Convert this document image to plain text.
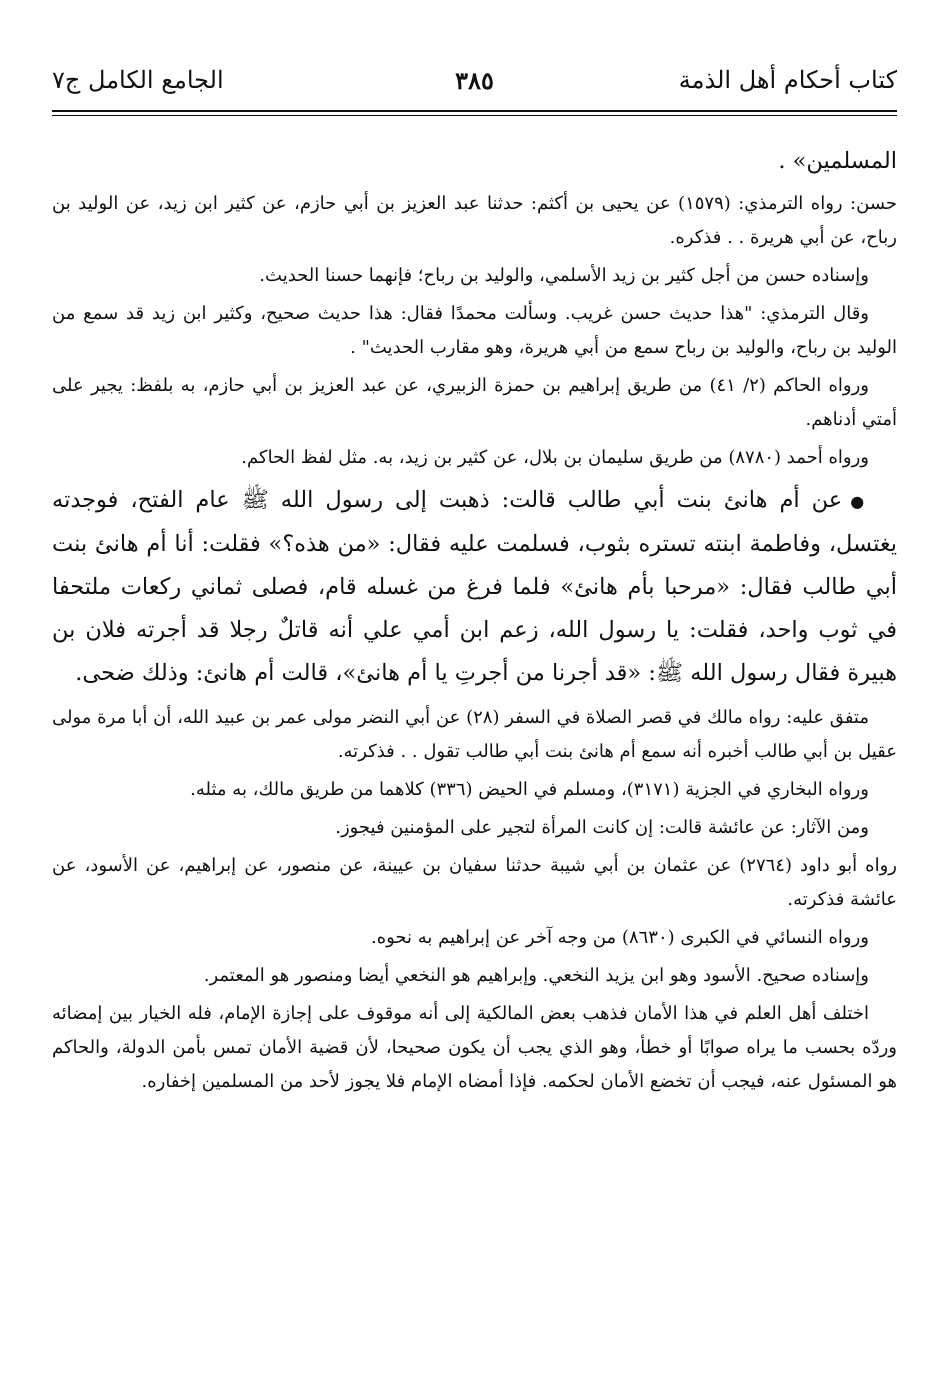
كتاب أحكام أهل الذمة
٣٨٥
الجامع الكامل ج٧

المسلمين» .

حسن: رواه الترمذي: (١٥٧٩) عن يحيى بن أكثم: حدثنا عبد العزيز بن أبي حازم، عن كثير ابن زيد، عن الوليد بن رباح، عن أبي هريرة . . فذكره.

وإسناده حسن من أجل كثير بن زيد الأسلمي، والوليد بن رباح؛ فإنهما حسنا الحديث.

وقال الترمذي: "هذا حديث حسن غريب. وسألت محمدًا فقال: هذا حديث صحيح، وكثير ابن زيد قد سمع من الوليد بن رباح، والوليد بن رباح سمع من أبي هريرة، وهو مقارب الحديث" .

ورواه الحاكم (٢/ ٤١) من طريق إبراهيم بن حمزة الزبيري، عن عبد العزيز بن أبي حازم، به بلفظ: يجير على أمتي أدناهم.

ورواه أحمد (٨٧٨٠) من طريق سليمان بن بلال، عن كثير بن زيد، به. مثل لفظ الحاكم.

●عن أم هانئ بنت أبي طالب قالت: ذهبت إلى رسول الله ﷺ عام الفتح، فوجدته يغتسل، وفاطمة ابنته تستره بثوب، فسلمت عليه فقال: «من هذه؟» فقلت: أنا أم هانئ بنت أبي طالب فقال: «مرحبا بأم هانئ» فلما فرغ من غسله قام، فصلى ثماني ركعات ملتحفا في ثوب واحد، فقلت: يا رسول الله، زعم ابن أمي علي أنه قاتلٌ رجلا قد أجرته فلان بن هبيرة فقال رسول الله ﷺ: «قد أجرنا من أجرتِ يا أم هانئ»، قالت أم هانئ: وذلك ضحى.

متفق عليه: رواه مالك في قصر الصلاة في السفر (٢٨) عن أبي النضر مولى عمر بن عبيد الله، أن أبا مرة مولى عقيل بن أبي طالب أخبره أنه سمع أم هانئ بنت أبي طالب تقول . . فذكرته.

ورواه البخاري في الجزية (٣١٧١)، ومسلم في الحيض (٣٣٦) كلاهما من طريق مالك، به مثله.

ومن الآثار: عن عائشة قالت: إن كانت المرأة لتجير على المؤمنين فيجوز.

رواه أبو داود (٢٧٦٤) عن عثمان بن أبي شيبة حدثنا سفيان بن عيينة، عن منصور، عن إبراهيم، عن الأسود، عن عائشة فذكرته.

ورواه النسائي في الكبرى (٨٦٣٠) من وجه آخر عن إبراهيم به نحوه.

وإسناده صحيح. الأسود وهو ابن يزيد النخعي. وإبراهيم هو النخعي أيضا ومنصور هو المعتمر.

اختلف أهل العلم في هذا الأمان فذهب بعض المالكية إلى أنه موقوف على إجازة الإمام، فله الخيار بين إمضائه وردّه بحسب ما يراه صوابًا أو خطأ، وهو الذي يجب أن يكون صحيحا، لأن قضية الأمان تمس بأمن الدولة، والحاكم هو المسئول عنه، فيجب أن تخضع الأمان لحكمه. فإذا أمضاه الإمام فلا يجوز لأحد من المسلمين إخفاره.
